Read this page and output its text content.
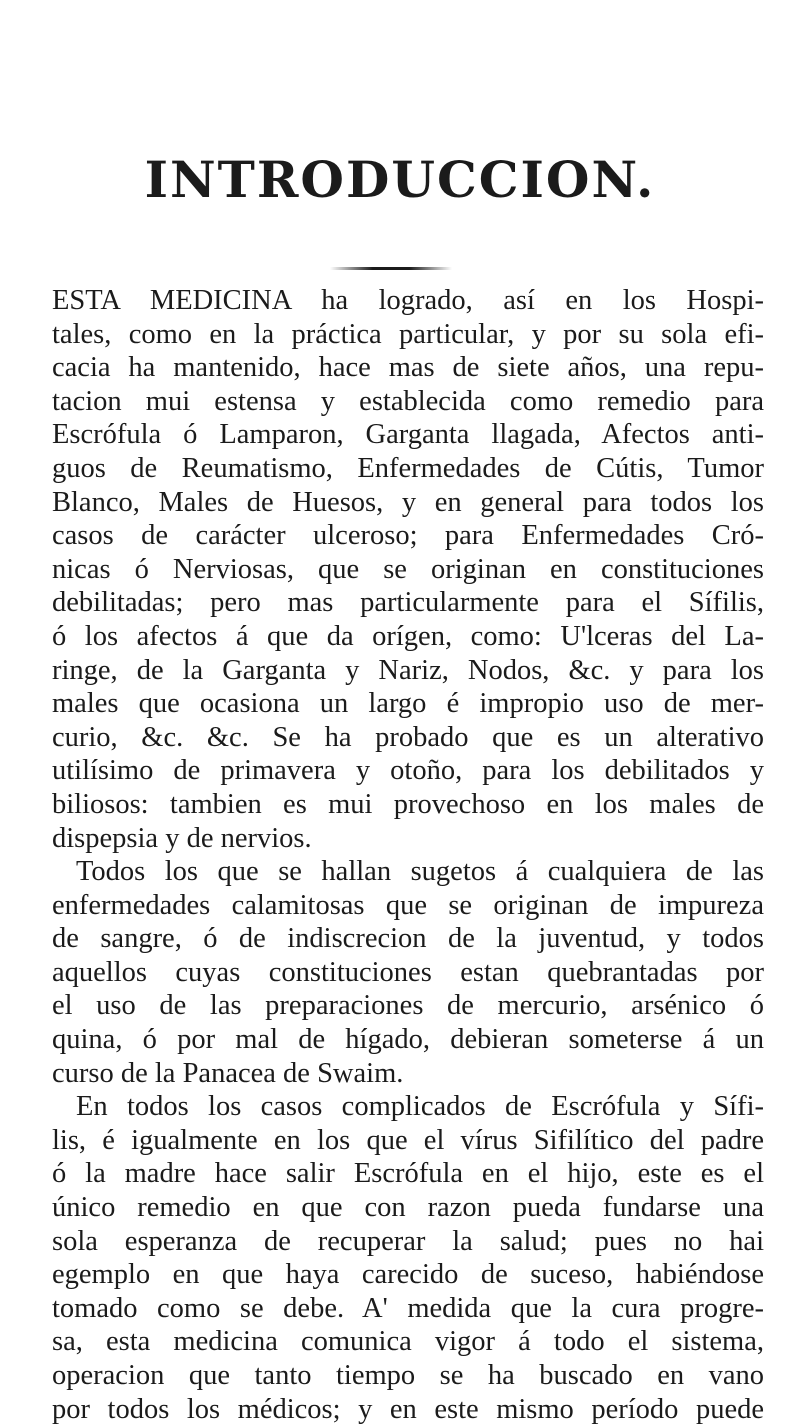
INTRODUCCION.
ESTA MEDICINA ha logrado, así en los Hospi-
tales, como en la práctica particular, y por su sola efi-
cacia ha mantenido, hace mas de siete años, una repu-
tacion mui estensa y establecida como remedio para
Escrófula ó Lamparon, Garganta llagada, Afectos anti-
guos de Reumatismo, Enfermedades de Cútis, Tumor
Blanco, Males de Huesos, y en general para todos los
casos de carácter ulceroso; para Enfermedades Cró-
nicas ó Nerviosas, que se originan en constituciones
debilitadas; pero mas particularmente para el Sífilis,
ó los afectos á que da orígen, como: U'lceras del La-
ringe, de la Garganta y Nariz, Nodos, &c. y para los
males que ocasiona un largo é impropio uso de mer-
curio, &c. &c. Se ha probado que es un alterativo
utilísimo de primavera y otoño, para los debilitados y
biliosos: tambien es mui provechoso en los males de
dispepsia y de nervios.
Todos los que se hallan sugetos á cualquiera de las
enfermedades calamitosas que se originan de impureza
de sangre, ó de indiscrecion de la juventud, y todos
aquellos cuyas constituciones estan quebrantadas por
el uso de las preparaciones de mercurio, arsénico ó
quina, ó por mal de hígado, debieran someterse á un
curso de la Panacea de Swaim.
En todos los casos complicados de Escrófula y Sífi-
lis, é igualmente en los que el vírus Sifilítico del padre
ó la madre hace salir Escrófula en el hijo, este es el
único remedio en que con razon pueda fundarse una
sola esperanza de recuperar la salud; pues no hai
egemplo en que haya carecido de suceso, habiéndose
tomado como se debe. A' medida que la cura progre-
sa, esta medicina comunica vigor á todo el sistema,
operacion que tanto tiempo se ha buscado en vano
por todos los médicos; y en este mismo período puede
